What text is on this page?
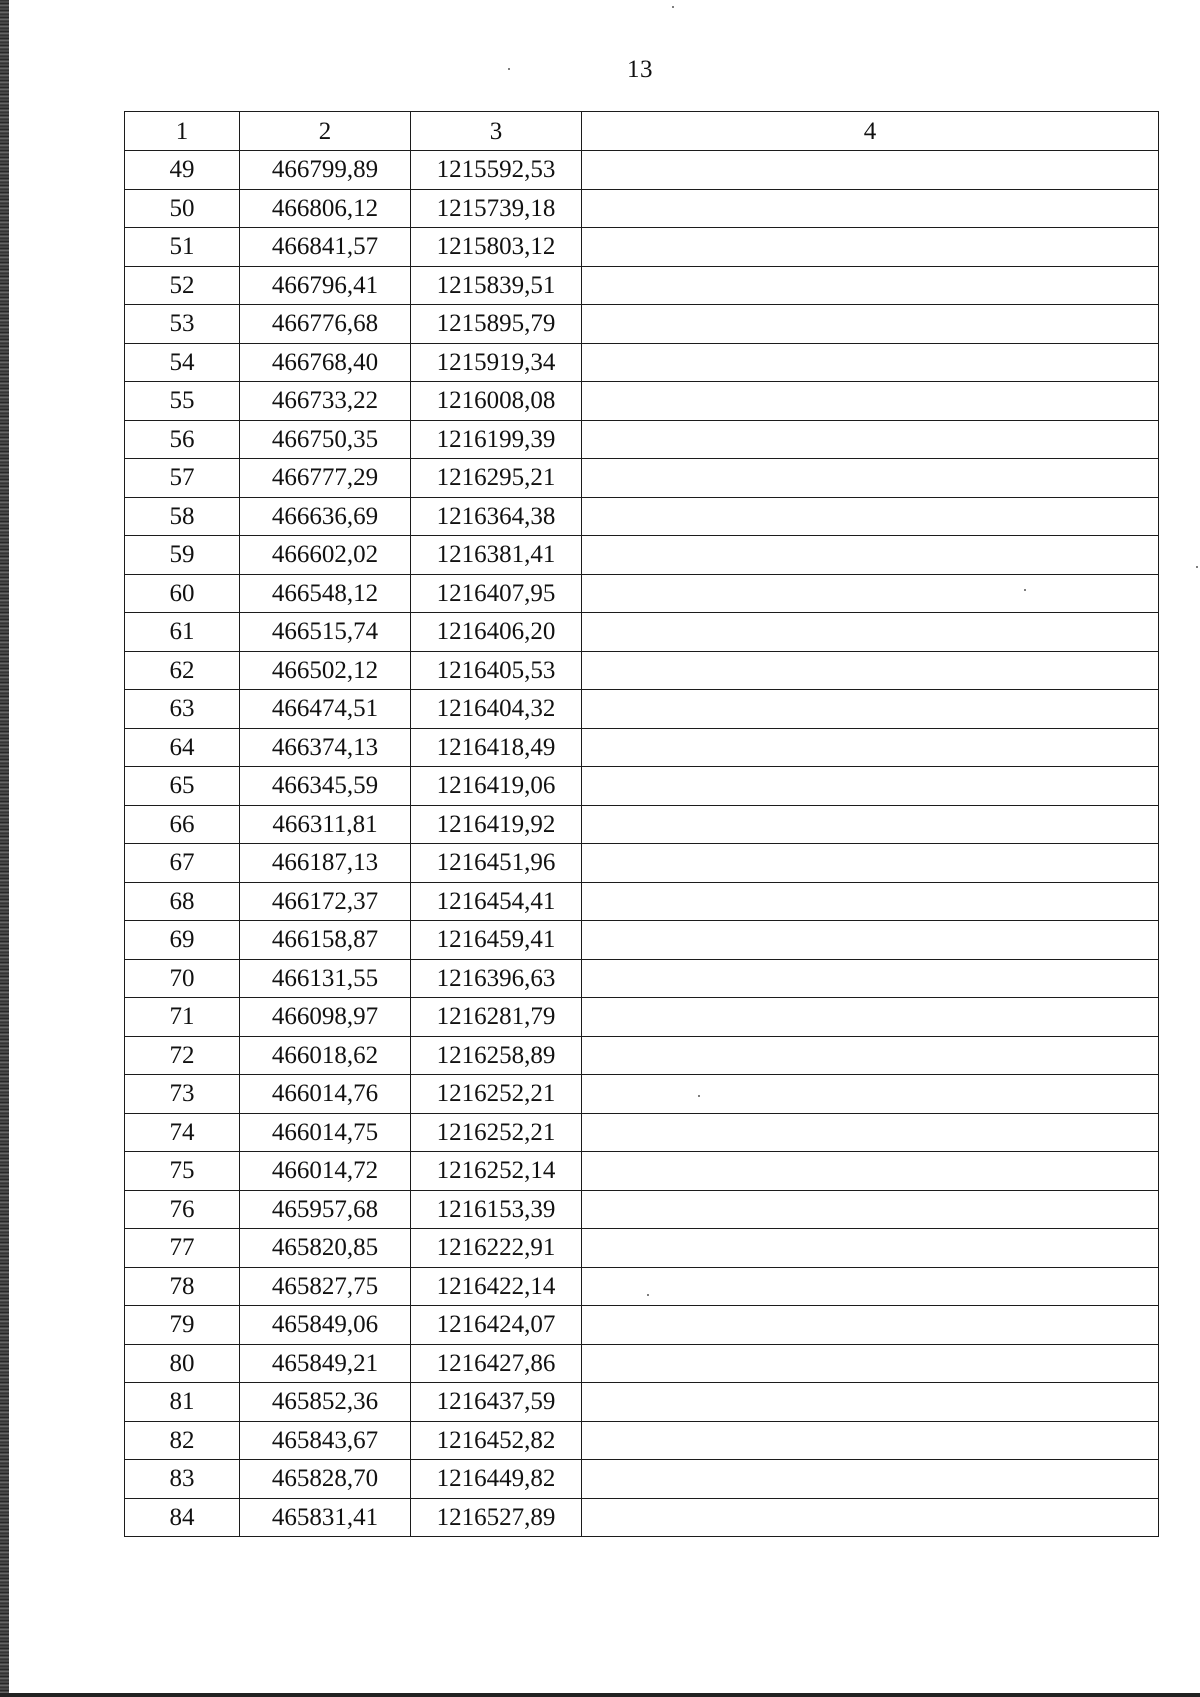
13
1	2	3	4
49	466799,89	1215592,53	
50	466806,12	1215739,18	
51	466841,57	1215803,12	
52	466796,41	1215839,51	
53	466776,68	1215895,79	
54	466768,40	1215919,34	
55	466733,22	1216008,08	
56	466750,35	1216199,39	
57	466777,29	1216295,21	
58	466636,69	1216364,38	
59	466602,02	1216381,41	
60	466548,12	1216407,95	
61	466515,74	1216406,20	
62	466502,12	1216405,53	
63	466474,51	1216404,32	
64	466374,13	1216418,49	
65	466345,59	1216419,06	
66	466311,81	1216419,92	
67	466187,13	1216451,96	
68	466172,37	1216454,41	
69	466158,87	1216459,41	
70	466131,55	1216396,63	
71	466098,97	1216281,79	
72	466018,62	1216258,89	
73	466014,76	1216252,21	
74	466014,75	1216252,21	
75	466014,72	1216252,14	
76	465957,68	1216153,39	
77	465820,85	1216222,91	
78	465827,75	1216422,14	
79	465849,06	1216424,07	
80	465849,21	1216427,86	
81	465852,36	1216437,59	
82	465843,67	1216452,82	
83	465828,70	1216449,82	
84	465831,41	1216527,89	
